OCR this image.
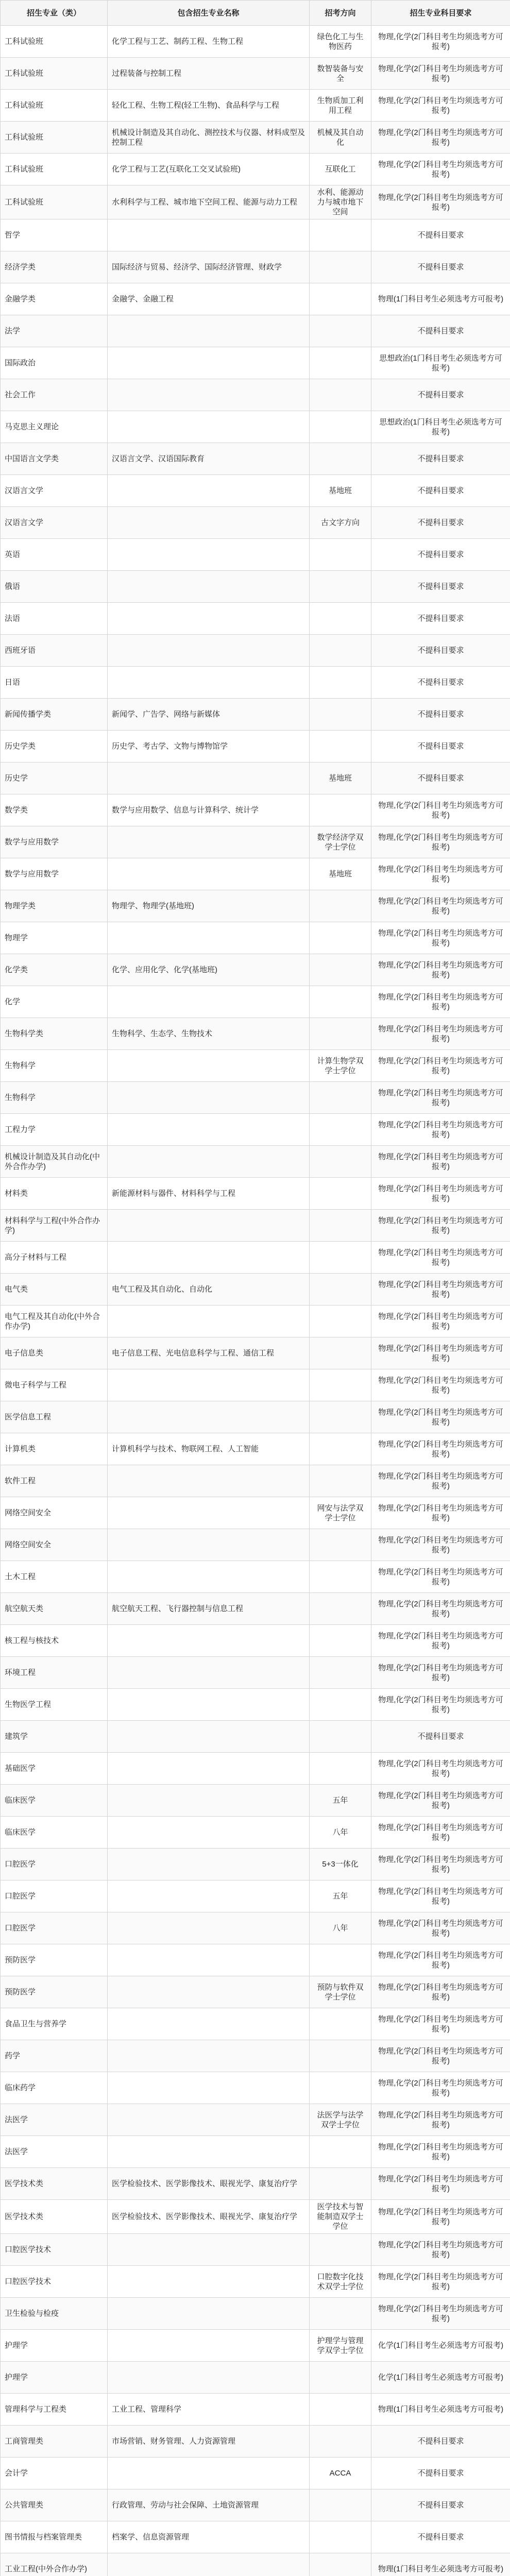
招生专业（类）	包含招生专业名称	招考方向	招生专业科目要求
工科试验班	化学工程与工艺、制药工程、生物工程	绿色化工与生物医药	物理,化学(2门科目考生均须选考方可报考)
工科试验班	过程装备与控制工程	数智装备与安全	物理,化学(2门科目考生均须选考方可报考)
工科试验班	轻化工程、生物工程(轻工生物)、食品科学与工程	生物质加工利用工程	物理,化学(2门科目考生均须选考方可报考)
工科试验班	机械设计制造及其自动化、测控技术与仪器、材料成型及控制工程	机械及其自动化	物理,化学(2门科目考生均须选考方可报考)
工科试验班	化学工程与工艺(互联化工交叉试验班)	互联化工	物理,化学(2门科目考生均须选考方可报考)
工科试验班	水利科学与工程、城市地下空间工程、能源与动力工程	水利、能源动力与城市地下空间	物理,化学(2门科目考生均须选考方可报考)
哲学			不提科目要求
经济学类	国际经济与贸易、经济学、国际经济管理、财政学		不提科目要求
金融学类	金融学、金融工程		物理(1门科目考生必须选考方可报考)
法学			不提科目要求
国际政治			思想政治(1门科目考生必须选考方可报考)
社会工作			不提科目要求
马克思主义理论			思想政治(1门科目考生必须选考方可报考)
中国语言文学类	汉语言文学、汉语国际教育		不提科目要求
汉语言文学		基地班	不提科目要求
汉语言文学		古文字方向	不提科目要求
英语			不提科目要求
俄语			不提科目要求
法语			不提科目要求
西班牙语			不提科目要求
日语			不提科目要求
新闻传播学类	新闻学、广告学、网络与新媒体		不提科目要求
历史学类	历史学、考古学、文物与博物馆学		不提科目要求
历史学		基地班	不提科目要求
数学类	数学与应用数学、信息与计算科学、统计学		物理,化学(2门科目考生均须选考方可报考)
数学与应用数学		数学经济学双学士学位	物理,化学(2门科目考生均须选考方可报考)
数学与应用数学		基地班	物理,化学(2门科目考生均须选考方可报考)
物理学类	物理学、物理学(基地班)		物理,化学(2门科目考生均须选考方可报考)
物理学			物理,化学(2门科目考生均须选考方可报考)
化学类	化学、应用化学、化学(基地班)		物理,化学(2门科目考生均须选考方可报考)
化学			物理,化学(2门科目考生均须选考方可报考)
生物科学类	生物科学、生态学、生物技术		物理,化学(2门科目考生均须选考方可报考)
生物科学		计算生物学双学士学位	物理,化学(2门科目考生均须选考方可报考)
生物科学			物理,化学(2门科目考生均须选考方可报考)
工程力学			物理,化学(2门科目考生均须选考方可报考)
机械设计制造及其自动化(中外合作办学)			物理,化学(2门科目考生均须选考方可报考)
材料类	新能源材料与器件、材料科学与工程		物理,化学(2门科目考生均须选考方可报考)
材料科学与工程(中外合作办学)			物理,化学(2门科目考生均须选考方可报考)
高分子材料与工程			物理,化学(2门科目考生均须选考方可报考)
电气类	电气工程及其自动化、自动化		物理,化学(2门科目考生均须选考方可报考)
电气工程及其自动化(中外合作办学)			物理,化学(2门科目考生均须选考方可报考)
电子信息类	电子信息工程、光电信息科学与工程、通信工程		物理,化学(2门科目考生均须选考方可报考)
微电子科学与工程			物理,化学(2门科目考生均须选考方可报考)
医学信息工程			物理,化学(2门科目考生均须选考方可报考)
计算机类	计算机科学与技术、物联网工程、人工智能		物理,化学(2门科目考生均须选考方可报考)
软件工程			物理,化学(2门科目考生均须选考方可报考)
网络空间安全		网安与法学双学士学位	物理,化学(2门科目考生均须选考方可报考)
网络空间安全			物理,化学(2门科目考生均须选考方可报考)
土木工程			物理,化学(2门科目考生均须选考方可报考)
航空航天类	航空航天工程、飞行器控制与信息工程		物理,化学(2门科目考生均须选考方可报考)
核工程与核技术			物理,化学(2门科目考生均须选考方可报考)
环境工程			物理,化学(2门科目考生均须选考方可报考)
生物医学工程			物理,化学(2门科目考生均须选考方可报考)
建筑学			不提科目要求
基础医学			物理,化学(2门科目考生均须选考方可报考)
临床医学		五年	物理,化学(2门科目考生均须选考方可报考)
临床医学		八年	物理,化学(2门科目考生均须选考方可报考)
口腔医学		5+3一体化	物理,化学(2门科目考生均须选考方可报考)
口腔医学		五年	物理,化学(2门科目考生均须选考方可报考)
口腔医学		八年	物理,化学(2门科目考生均须选考方可报考)
预防医学			物理,化学(2门科目考生均须选考方可报考)
预防医学		预防与软件双学士学位	物理,化学(2门科目考生均须选考方可报考)
食品卫生与营养学			物理,化学(2门科目考生均须选考方可报考)
药学			物理,化学(2门科目考生均须选考方可报考)
临床药学			物理,化学(2门科目考生均须选考方可报考)
法医学		法医学与法学双学士学位	物理,化学(2门科目考生均须选考方可报考)
法医学			物理,化学(2门科目考生均须选考方可报考)
医学技术类	医学检验技术、医学影像技术、眼视光学、康复治疗学		物理,化学(2门科目考生均须选考方可报考)
医学技术类	医学检验技术、医学影像技术、眼视光学、康复治疗学	医学技术与智能制造双学士学位	物理,化学(2门科目考生均须选考方可报考)
口腔医学技术			物理,化学(2门科目考生均须选考方可报考)
口腔医学技术		口腔数字化技术双学士学位	物理,化学(2门科目考生均须选考方可报考)
卫生检验与检疫			物理,化学(2门科目考生均须选考方可报考)
护理学		护理学与管理学双学士学位	化学(1门科目考生必须选考方可报考)
护理学			化学(1门科目考生必须选考方可报考)
管理科学与工程类	工业工程、管理科学		物理(1门科目考生必须选考方可报考)
工商管理类	市场营销、财务管理、人力资源管理		不提科目要求
会计学		ACCA	不提科目要求
公共管理类	行政管理、劳动与社会保障、土地资源管理		不提科目要求
图书情报与档案管理类	档案学、信息资源管理		不提科目要求
工业工程(中外合作办学)			物理(1门科目考生必须选考方可报考)
